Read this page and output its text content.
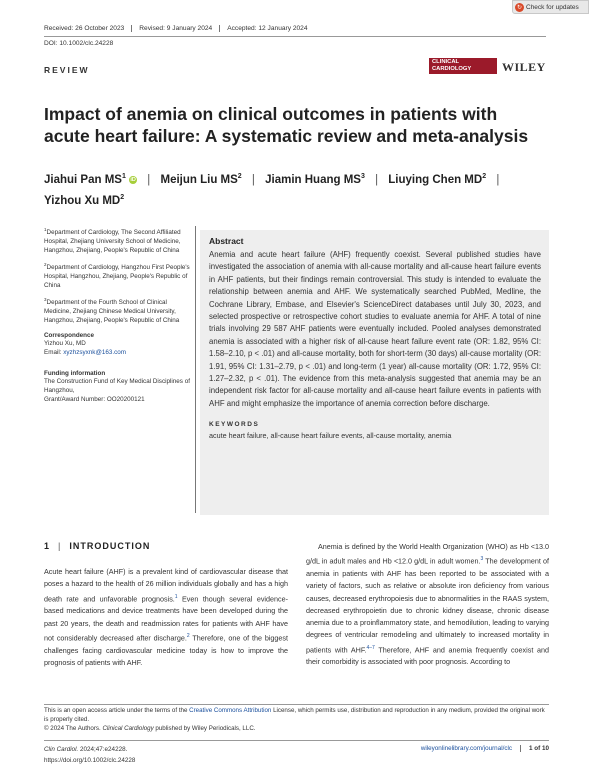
↻ Check for updates
Received: 26 October 2023	Revised: 9 January 2024	Accepted: 12 January 2024
DOI: 10.1002/clc.24228
REVIEW
CLINICAL
CARDIOLOGY	WILEY
Impact of anemia on clinical outcomes in patients with acute heart failure: A systematic review and meta-analysis
Jiahui Pan $MS^1$ iD | Meijun Liu $MS^2$ | Jiamin Huang $MS^3$ | Liuying Chen $MD^2$ |
Yizhou Xu $MD^2$

$^1$Department of Cardiology, The Second Affiliated Hospital, Zhejiang University School of Medicine, Hangzhou, Zhejiang, People's Republic of China

$^2$Department of Cardiology, Hangzhou First People's Hospital, Hangzhou, Zhejiang, People's Republic of China

$^3$Department of the Fourth School of Clinical Medicine, Zhejiang Chinese Medical University, Hangzhou, Zhejiang, People's Republic of China

Correspondence
Yizhou Xu, MD
Email: xyzhzsyxnk@163.com
Funding information
The Construction Fund of Key Medical Disciplines of Hangzhou,
Grant/Award Number: OO20200121
Abstract
Anemia and acute heart failure (AHF) frequently coexist. Several published studies have investigated the association of anemia with all-cause mortality and all-cause heart failure events in AHF patients, but their findings remain controversial. This study is intended to evaluate the relationship between anemia and AHF. We systematically searched PubMed, Medline, the Cochrane Library, Embase, and Elsevier's ScienceDirect databases until July 30, 2023, and selected prospective or retrospective cohort studies to evaluate anemia for AHF. A total of nine trials involving 29 587 AHF patients were eventually included. Pooled analyses demonstrated anemia is associated with a higher risk of all-cause heart failure event rate (OR: 1.82, 95% CI: 1.58–2.10, p < .01) and all-cause mortality, both for short-term (30 days) all-cause mortality (OR: 1.91, 95% CI: 1.31–2.79, p < .01) and long-term (1 year) all-cause mortality (OR: 1.72, 95% CI: 1.27–2.32, p < .01). The evidence from this meta-analysis suggested that anemia may be an independent risk factor for all-cause mortality and all-cause heart failure events in patients with AHF and might emphasize the importance of anemia correction before discharge.
KEYWORDS
acute heart failure, all-cause heart failure events, all-cause mortality, anemia
1 | INTRODUCTION
Acute heart failure (AHF) is a prevalent kind of cardiovascular disease that poses a hazard to the health of 26 million individuals globally and has a high death rate and unfavorable prognosis.$^1$ Even though several evidence-based medications and device treatments have been developed during the past 20 years, the death and readmission rates for patients with AHF have not considerably decreased after discharge.$^2$ Therefore, one of the biggest challenges facing cardiovascular medicine today is how to improve the prognosis of patients with AHF.
Anemia is defined by the World Health Organization (WHO) as Hb <13.0 g/dL in adult males and Hb <12.0 g/dL in adult women.$^3$ The development of anemia in patients with AHF has been reported to be associated with a variety of factors, such as relative or absolute iron deficiency from various causes, decreased erythropoiesis due to abnormalities in the RAAS system, decreased erythropoietin due to chronic kidney disease, chronic disease anemia due to a proinflammatory state, and hemodilution, leading to varying degrees of ventricular remodeling and ultimately to increased mortality in patients with AHF.$^{4-7}$ Therefore, AHF and anemia frequently coexist and their comorbidity is associated with poor prognosis. According to
This is an open access article under the terms of the Creative Commons Attribution License, which permits use, distribution and reproduction in any medium, provided the original work is properly cited.
© 2024 The Authors. Clinical Cardiology published by Wiley Periodicals, LLC.
Clin Cardiol. 2024;47:e24228.
https://doi.org/10.1002/clc.24228
wileyonlinelibrary.com/journal/clc	1 of 10
